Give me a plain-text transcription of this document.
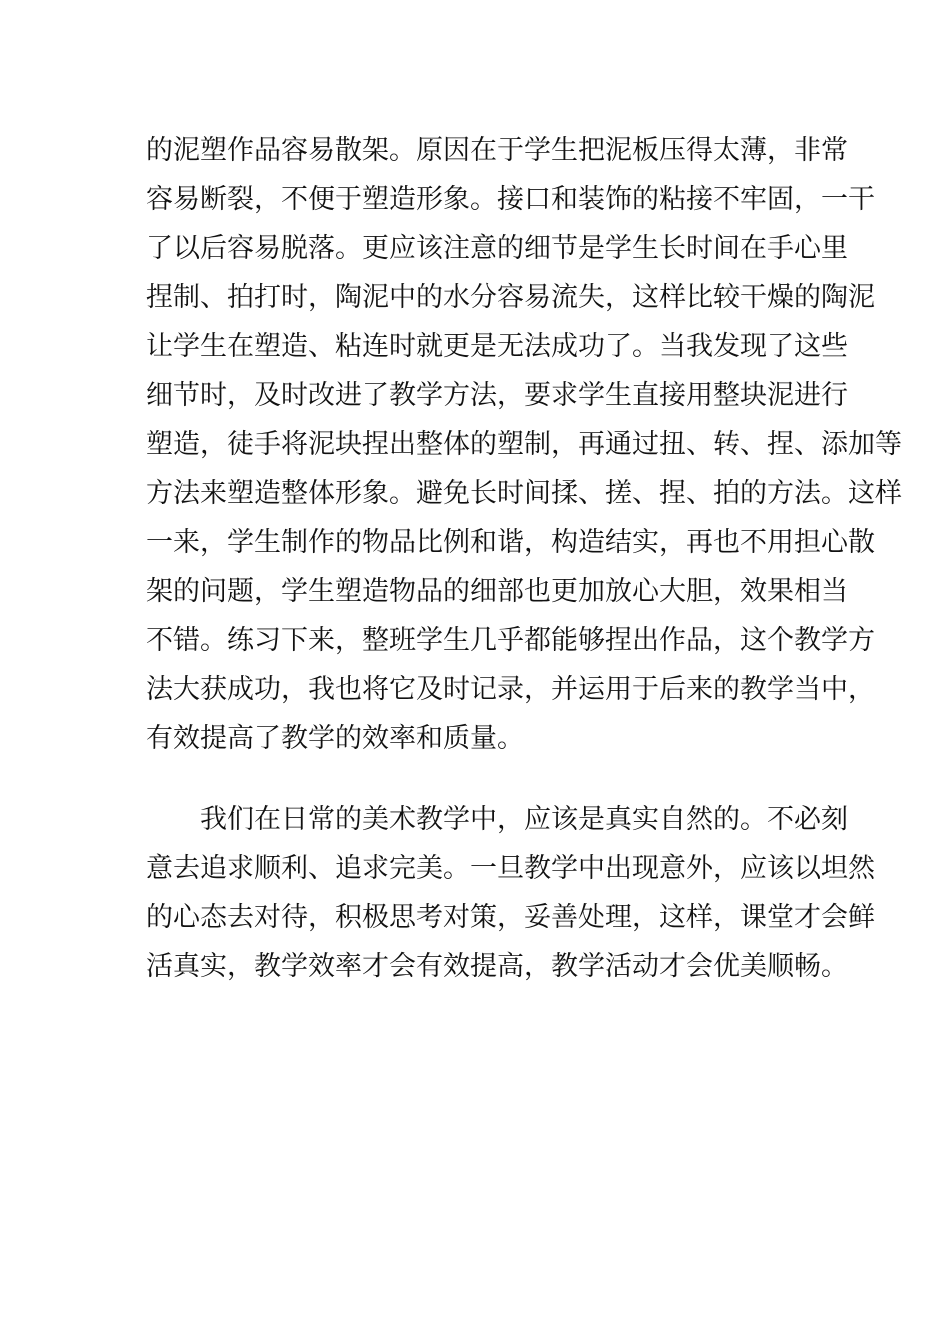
的泥塑作品容易散架。原因在于学生把泥板压得太薄，非常
容易断裂，不便于塑造形象。接口和装饰的粘接不牢固，一干
了以后容易脱落。更应该注意的细节是学生长时间在手心里
捏制、拍打时，陶泥中的水分容易流失，这样比较干燥的陶泥
让学生在塑造、粘连时就更是无法成功了。当我发现了这些
细节时，及时改进了教学方法，要求学生直接用整块泥进行
塑造，徒手将泥块捏出整体的塑制，再通过扭、转、捏、添加等
方法来塑造整体形象。避免长时间揉、搓、捏、拍的方法。这样
一来，学生制作的物品比例和谐，构造结实，再也不用担心散
架的问题，学生塑造物品的细部也更加放心大胆，效果相当
不错。练习下来，整班学生几乎都能够捏出作品，这个教学方
法大获成功，我也将它及时记录，并运用于后来的教学当中，
有效提高了教学的效率和质量。
我们在日常的美术教学中，应该是真实自然的。不必刻
意去追求顺利、追求完美。一旦教学中出现意外，应该以坦然
的心态去对待，积极思考对策，妥善处理，这样，课堂才会鲜
活真实，教学效率才会有效提高，教学活动才会优美顺畅。
